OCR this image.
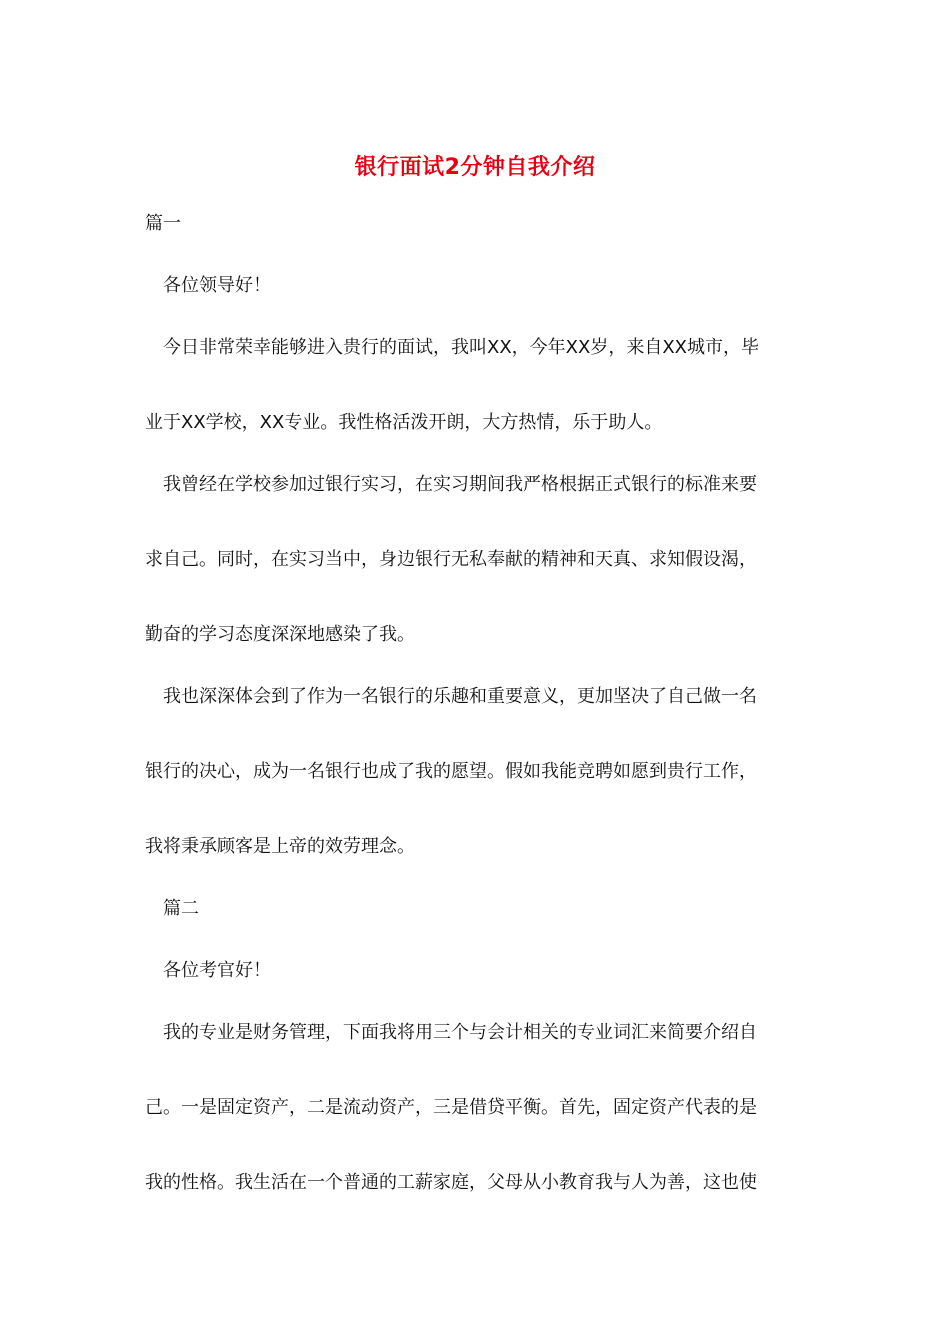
银行面试2分钟自我介绍
篇一
各位领导好！
今日非常荣幸能够进入贵行的面试，我叫XX，今年XX岁，来自XX城市，毕
业于XX学校，XX专业。我性格活泼开朗，大方热情，乐于助人。
我曾经在学校参加过银行实习，在实习期间我严格根据正式银行的标准来要
求自己。同时，在实习当中，身边银行无私奉献的精神和天真、求知假设渴，
勤奋的学习态度深深地感染了我。
我也深深体会到了作为一名银行的乐趣和重要意义，更加坚决了自己做一名
银行的决心，成为一名银行也成了我的愿望。假如我能竞聘如愿到贵行工作，
我将秉承顾客是上帝的效劳理念。
篇二
各位考官好！
我的专业是财务管理，下面我将用三个与会计相关的专业词汇来简要介绍自
己。一是固定资产，二是流动资产，三是借贷平衡。首先，固定资产代表的是
我的性格。我生活在一个普通的工薪家庭，父母从小教育我与人为善，这也使
